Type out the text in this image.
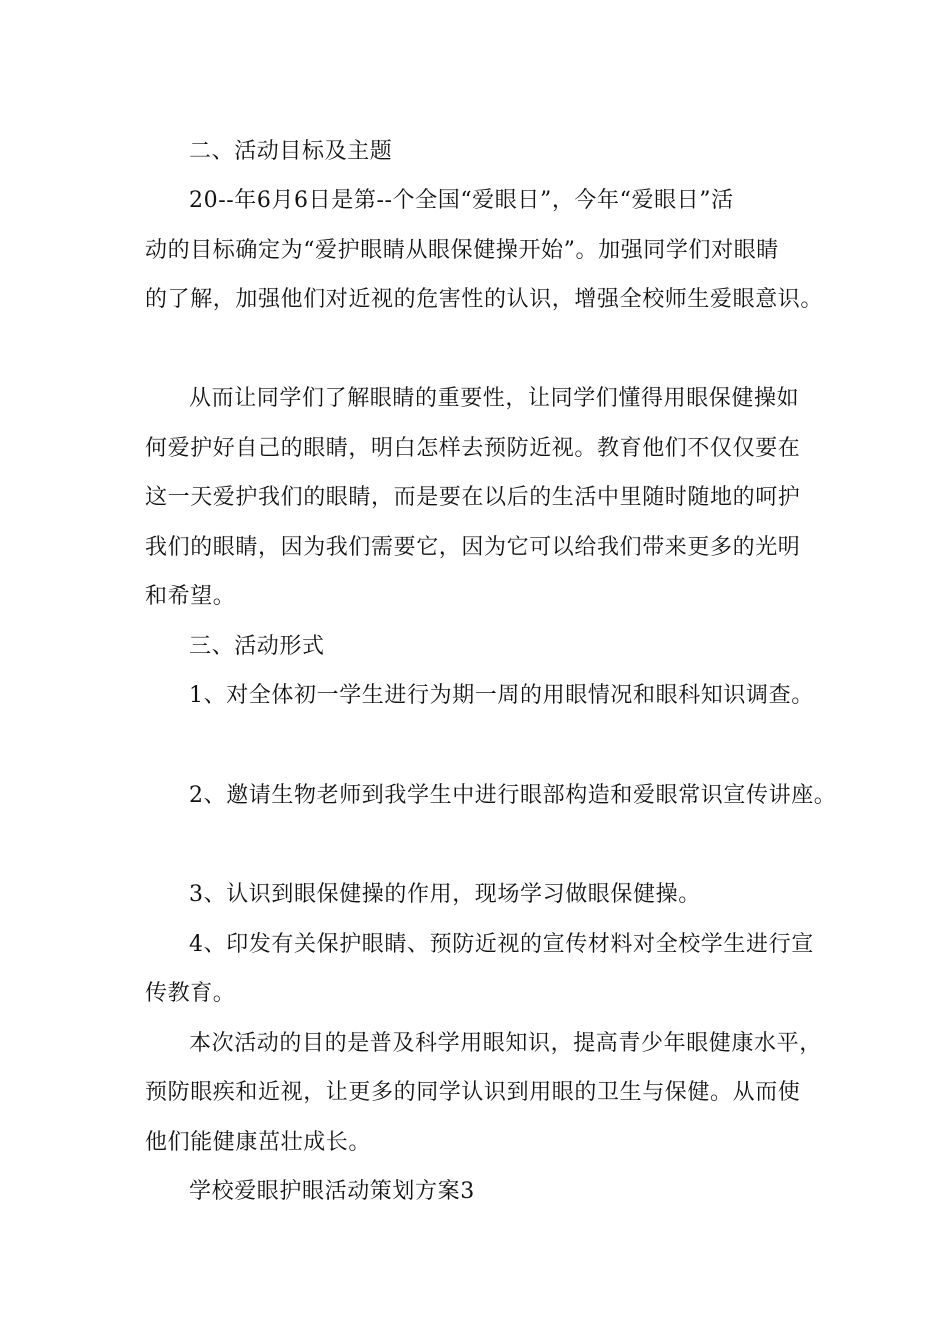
二、活动目标及主题

20--年6月6日是第--个全国“爱眼日”，今年“爱眼日”活

动的目标确定为“爱护眼睛从眼保健操开始”。加强同学们对眼睛

的了解，加强他们对近视的危害性的认识，增强全校师生爱眼意识。

从而让同学们了解眼睛的重要性，让同学们懂得用眼保健操如

何爱护好自己的眼睛，明白怎样去预防近视。教育他们不仅仅要在

这一天爱护我们的眼睛，而是要在以后的生活中里随时随地的呵护

我们的眼睛，因为我们需要它，因为它可以给我们带来更多的光明

和希望。

三、活动形式

1、对全体初一学生进行为期一周的用眼情况和眼科知识调查。

2、邀请生物老师到我学生中进行眼部构造和爱眼常识宣传讲座。

3、认识到眼保健操的作用，现场学习做眼保健操。

4、印发有关保护眼睛、预防近视的宣传材料对全校学生进行宣

传教育。

本次活动的目的是普及科学用眼知识，提高青少年眼健康水平，

预防眼疾和近视，让更多的同学认识到用眼的卫生与保健。从而使

他们能健康茁壮成长。

学校爱眼护眼活动策划方案3
